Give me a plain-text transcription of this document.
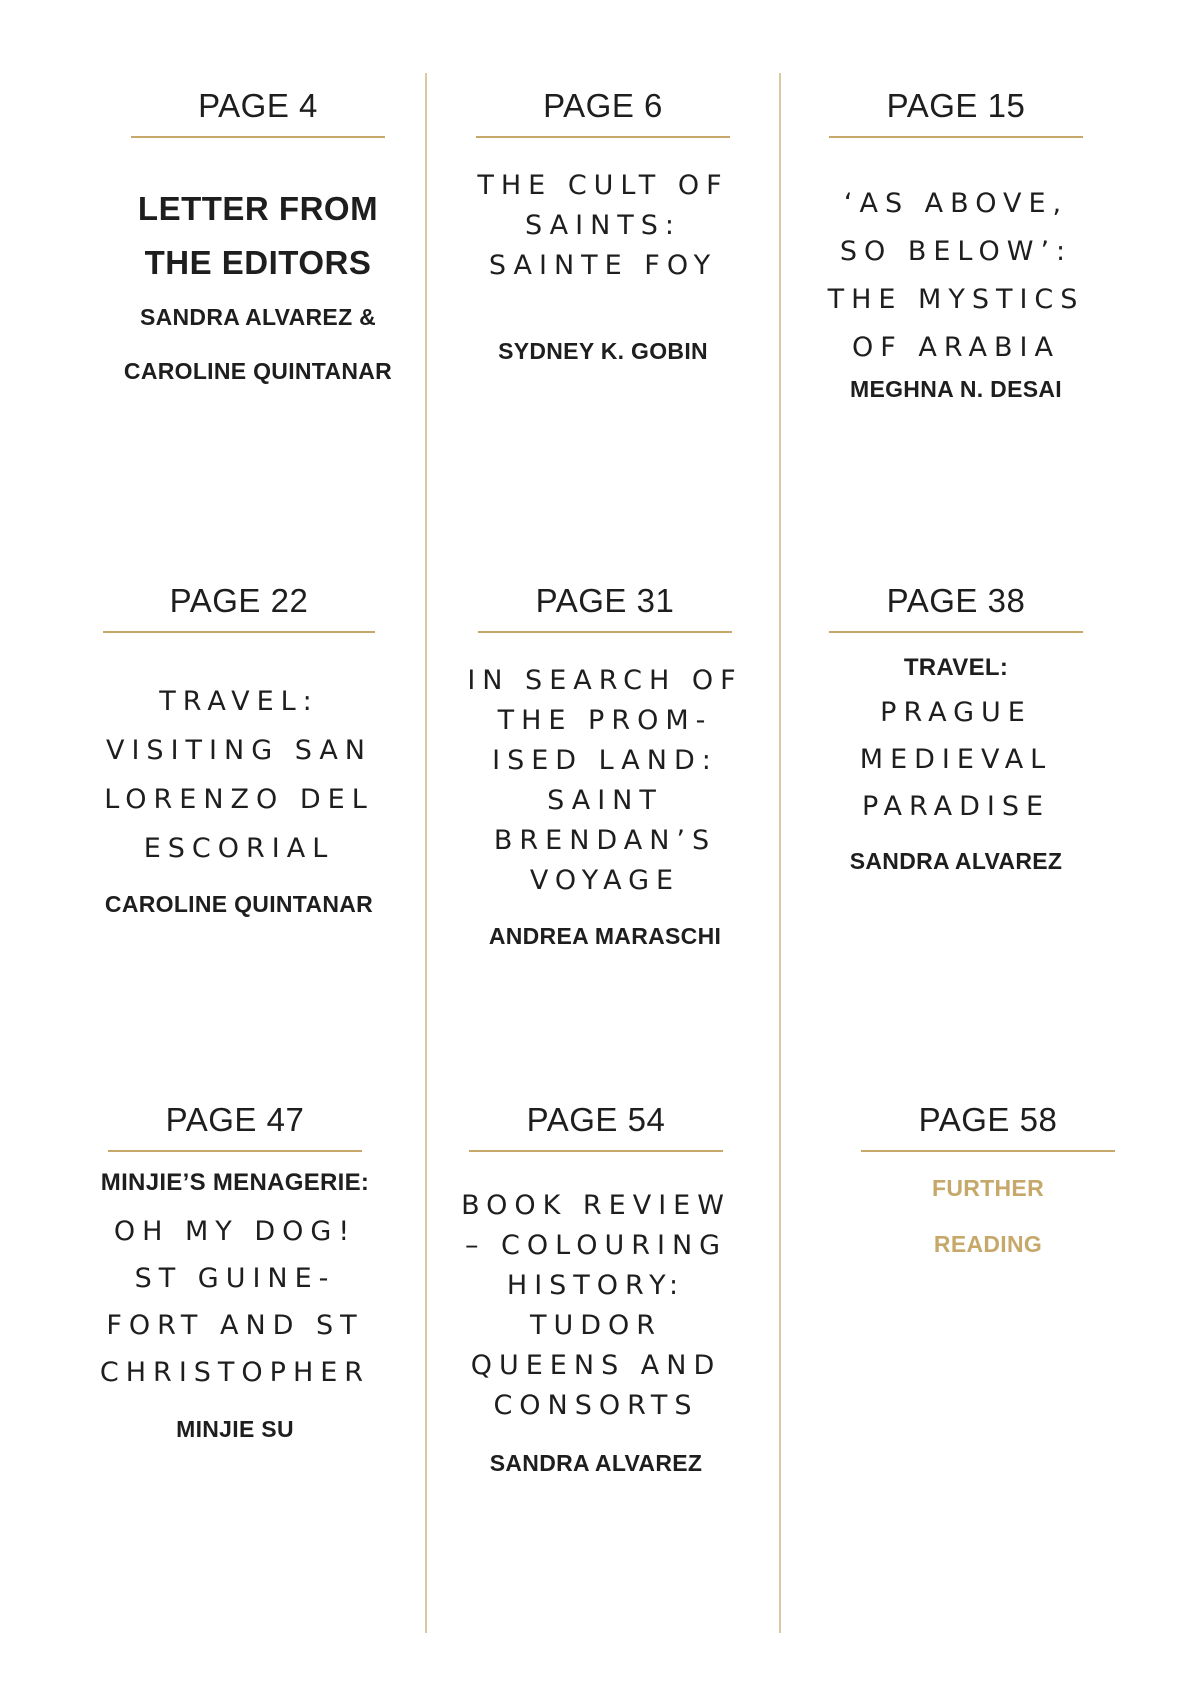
PAGE 4
LETTER FROM
THE EDITORS
SANDRA ALVAREZ &
CAROLINE QUINTANAR
PAGE 6
THE CULT OF
SAINTS:
SAINTE FOY
SYDNEY K. GOBIN
PAGE 15
‘AS ABOVE,
SO BELOW’:
THE MYSTICS
OF ARABIA
MEGHNA N. DESAI
PAGE 22
TRAVEL:
VISITING SAN
LORENZO DEL
ESCORIAL
CAROLINE QUINTANAR
PAGE 31
IN SEARCH OF
THE PROM-
ISED LAND:
SAINT
BRENDAN’S
VOYAGE
ANDREA MARASCHI
PAGE 38
TRAVEL:
PRAGUE
MEDIEVAL
PARADISE
SANDRA ALVAREZ
PAGE 47
MINJIE’S MENAGERIE:
OH MY DOG!
ST GUINE-
FORT AND ST
CHRISTOPHER
MINJIE SU
PAGE 54
BOOK REVIEW
– COLOURING
HISTORY:
TUDOR
QUEENS AND
CONSORTS
SANDRA ALVAREZ
PAGE 58
FURTHER
READING
